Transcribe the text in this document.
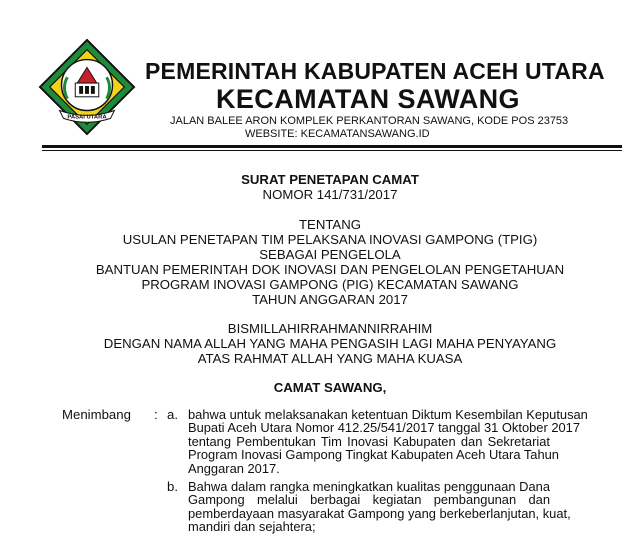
PASAI UTARA
PEMERINTAH KABUPATEN ACEH UTARA
KECAMATAN SAWANG
JALAN BALEE ARON KOMPLEK PERKANTORAN SAWANG, KODE POS 23753
WEBSITE: KECAMATANSAWANG.ID
SURAT PENETAPAN CAMAT
NOMOR 141/731/2017
TENTANG
USULAN PENETAPAN TIM PELAKSANA INOVASI GAMPONG (TPIG)
SEBAGAI PENGELOLA
BANTUAN PEMERINTAH DOK INOVASI DAN PENGELOLAN PENGETAHUAN
PROGRAM INOVASI GAMPONG (PIG) KECAMATAN SAWANG
TAHUN ANGGARAN 2017
BISMILLAHIRRAHMANNIRRAHIM
DENGAN NAMA ALLAH YANG MAHA PENGASIH LAGI MAHA PENYAYANG
ATAS RAHMAT ALLAH YANG MAHA KUASA
CAMAT SAWANG,
Menimbang : a. bahwa untuk melaksanakan ketentuan Diktum Kesembilan Keputusan
Bupati Aceh Utara Nomor 412.25/541/2017 tanggal 31 Oktober 2017
tentang Pembentukan Tim Inovasi Kabupaten dan Sekretariat
Program Inovasi Gampong Tingkat Kabupaten Aceh Utara Tahun
Anggaran 2017.
b. Bahwa dalam rangka meningkatkan kualitas penggunaan Dana
Gampong melalui berbagai kegiatan pembangunan dan
pemberdayaan masyarakat Gampong yang berkeberlanjutan, kuat,
mandiri dan sejahtera;
